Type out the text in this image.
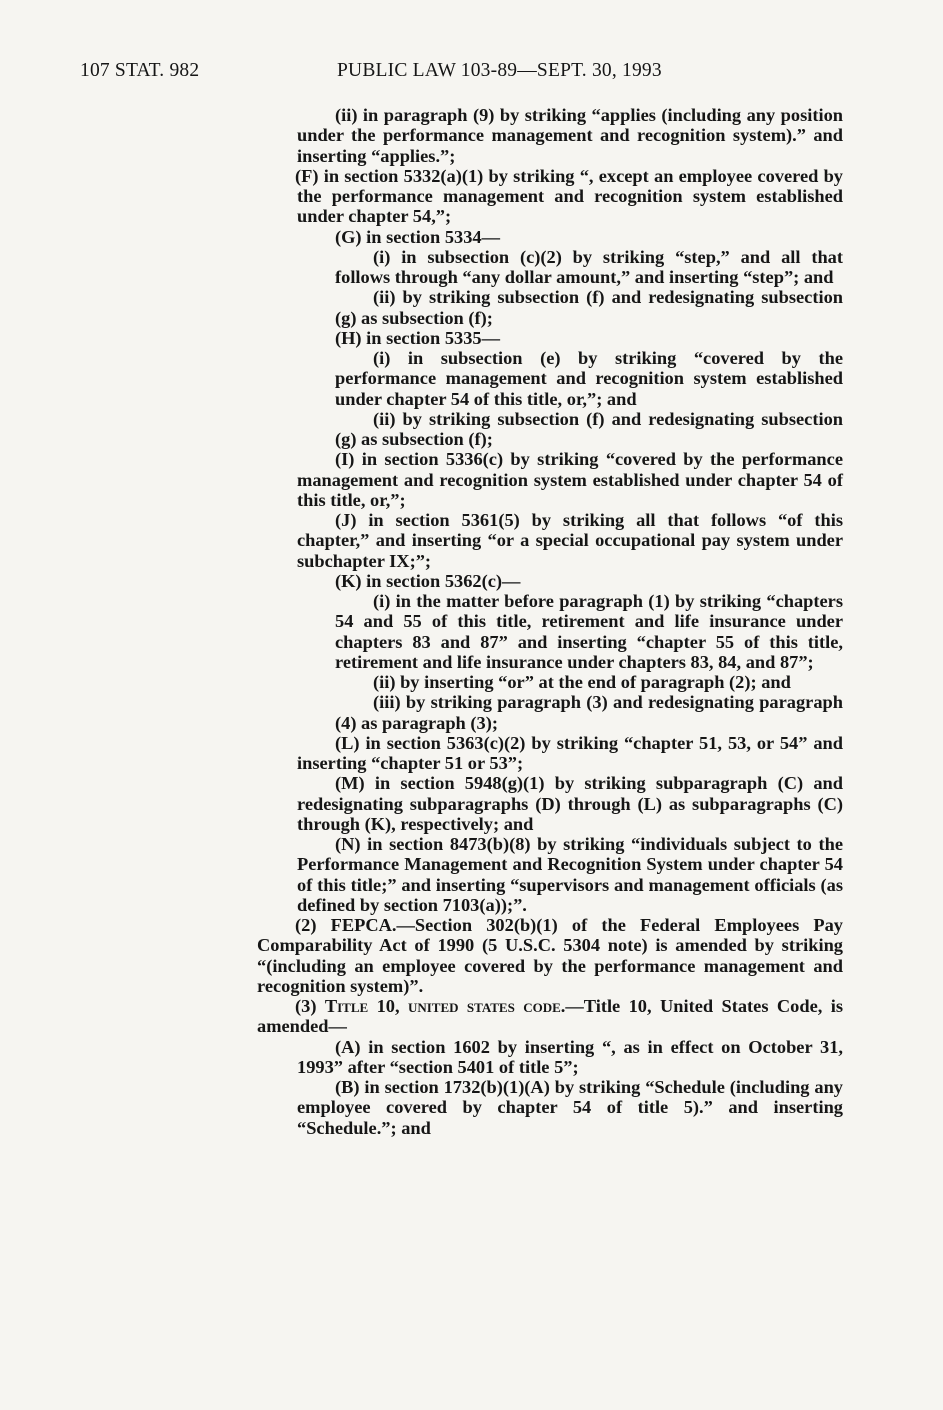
107 STAT. 982	PUBLIC LAW 103-89—SEPT. 30, 1993

(ii) in paragraph (9) by striking “applies (including any position under the performance management and recognition system).” and inserting “applies.”;

(F) in section 5332(a)(1) by striking “, except an employee covered by the performance management and recognition system established under chapter 54,”;

(G) in section 5334—

(i) in subsection (c)(2) by striking “step,” and all that follows through “any dollar amount,” and inserting “step”; and

(ii) by striking subsection (f) and redesignating subsection (g) as subsection (f);

(H) in section 5335—

(i) in subsection (e) by striking “covered by the performance management and recognition system established under chapter 54 of this title, or,”; and

(ii) by striking subsection (f) and redesignating subsection (g) as subsection (f);

(I) in section 5336(c) by striking “covered by the performance management and recognition system established under chapter 54 of this title, or,”;

(J) in section 5361(5) by striking all that follows “of this chapter,” and inserting “or a special occupational pay system under subchapter IX;”;

(K) in section 5362(c)—

(i) in the matter before paragraph (1) by striking “chapters 54 and 55 of this title, retirement and life insurance under chapters 83 and 87” and inserting “chapter 55 of this title, retirement and life insurance under chapters 83, 84, and 87”;

(ii) by inserting “or” at the end of paragraph (2); and

(iii) by striking paragraph (3) and redesignating paragraph (4) as paragraph (3);

(L) in section 5363(c)(2) by striking “chapter 51, 53, or 54” and inserting “chapter 51 or 53”;

(M) in section 5948(g)(1) by striking subparagraph (C) and redesignating subparagraphs (D) through (L) as subparagraphs (C) through (K), respectively; and

(N) in section 8473(b)(8) by striking “individuals subject to the Performance Management and Recognition System under chapter 54 of this title;” and inserting “supervisors and management officials (as defined by section 7103(a));”.

(2) FEPCA.—Section 302(b)(1) of the Federal Employees Pay Comparability Act of 1990 (5 U.S.C. 5304 note) is amended by striking “(including an employee covered by the performance management and recognition system)”.

(3) Title 10, united states code.—Title 10, United States Code, is amended—

(A) in section 1602 by inserting “, as in effect on October 31, 1993” after “section 5401 of title 5”;

(B) in section 1732(b)(1)(A) by striking “Schedule (including any employee covered by chapter 54 of title 5).” and inserting “Schedule.”; and
